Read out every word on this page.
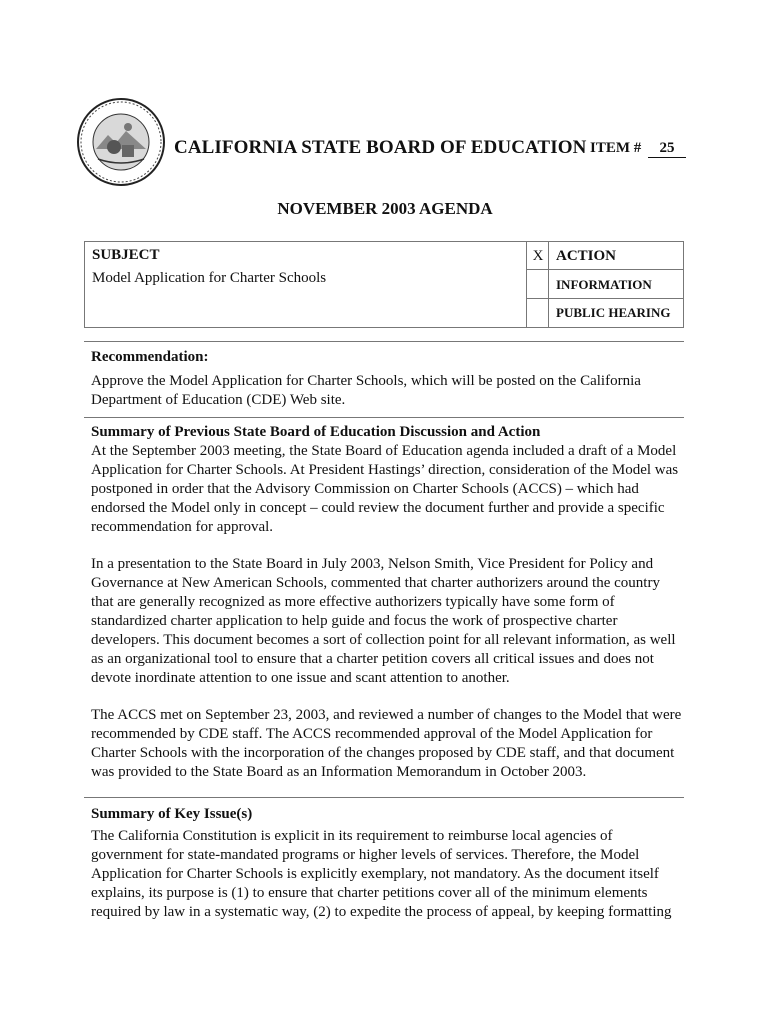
CALIFORNIA STATE BOARD OF EDUCATION ITEM #	25
NOVEMBER 2003 AGENDA
SUBJECT
Model Application for Charter Schools
X ACTION
INFORMATION
PUBLIC HEARING
Recommendation:

Approve the Model Application for Charter Schools, which will be posted on the California Department of Education (CDE) Web site.

Summary of Previous State Board of Education Discussion and Action

At the September 2003 meeting, the State Board of Education agenda included a draft of a Model Application for Charter Schools. At President Hastings’ direction, consideration of the Model was postponed in order that the Advisory Commission on Charter Schools (ACCS) – which had endorsed the Model only in concept – could review the document further and provide a specific recommendation for approval.

In a presentation to the State Board in July 2003, Nelson Smith, Vice President for Policy and Governance at New American Schools, commented that charter authorizers around the country that are generally recognized as more effective authorizers typically have some form of standardized charter application to help guide and focus the work of prospective charter developers. This document becomes a sort of collection point for all relevant information, as well as an organizational tool to ensure that a charter petition covers all critical issues and does not devote inordinate attention to one issue and scant attention to another.

The ACCS met on September 23, 2003, and reviewed a number of changes to the Model that were recommended by CDE staff. The ACCS recommended approval of the Model Application for Charter Schools with the incorporation of the changes proposed by CDE staff, and that document was provided to the State Board as an Information Memorandum in October 2003.

Summary of Key Issue(s)

The California Constitution is explicit in its requirement to reimburse local agencies of government for state-mandated programs or higher levels of services. Therefore, the Model Application for Charter Schools is explicitly exemplary, not mandatory. As the document itself explains, its purpose is (1) to ensure that charter petitions cover all of the minimum elements required by law in a systematic way, (2) to expedite the process of appeal, by keeping formatting
